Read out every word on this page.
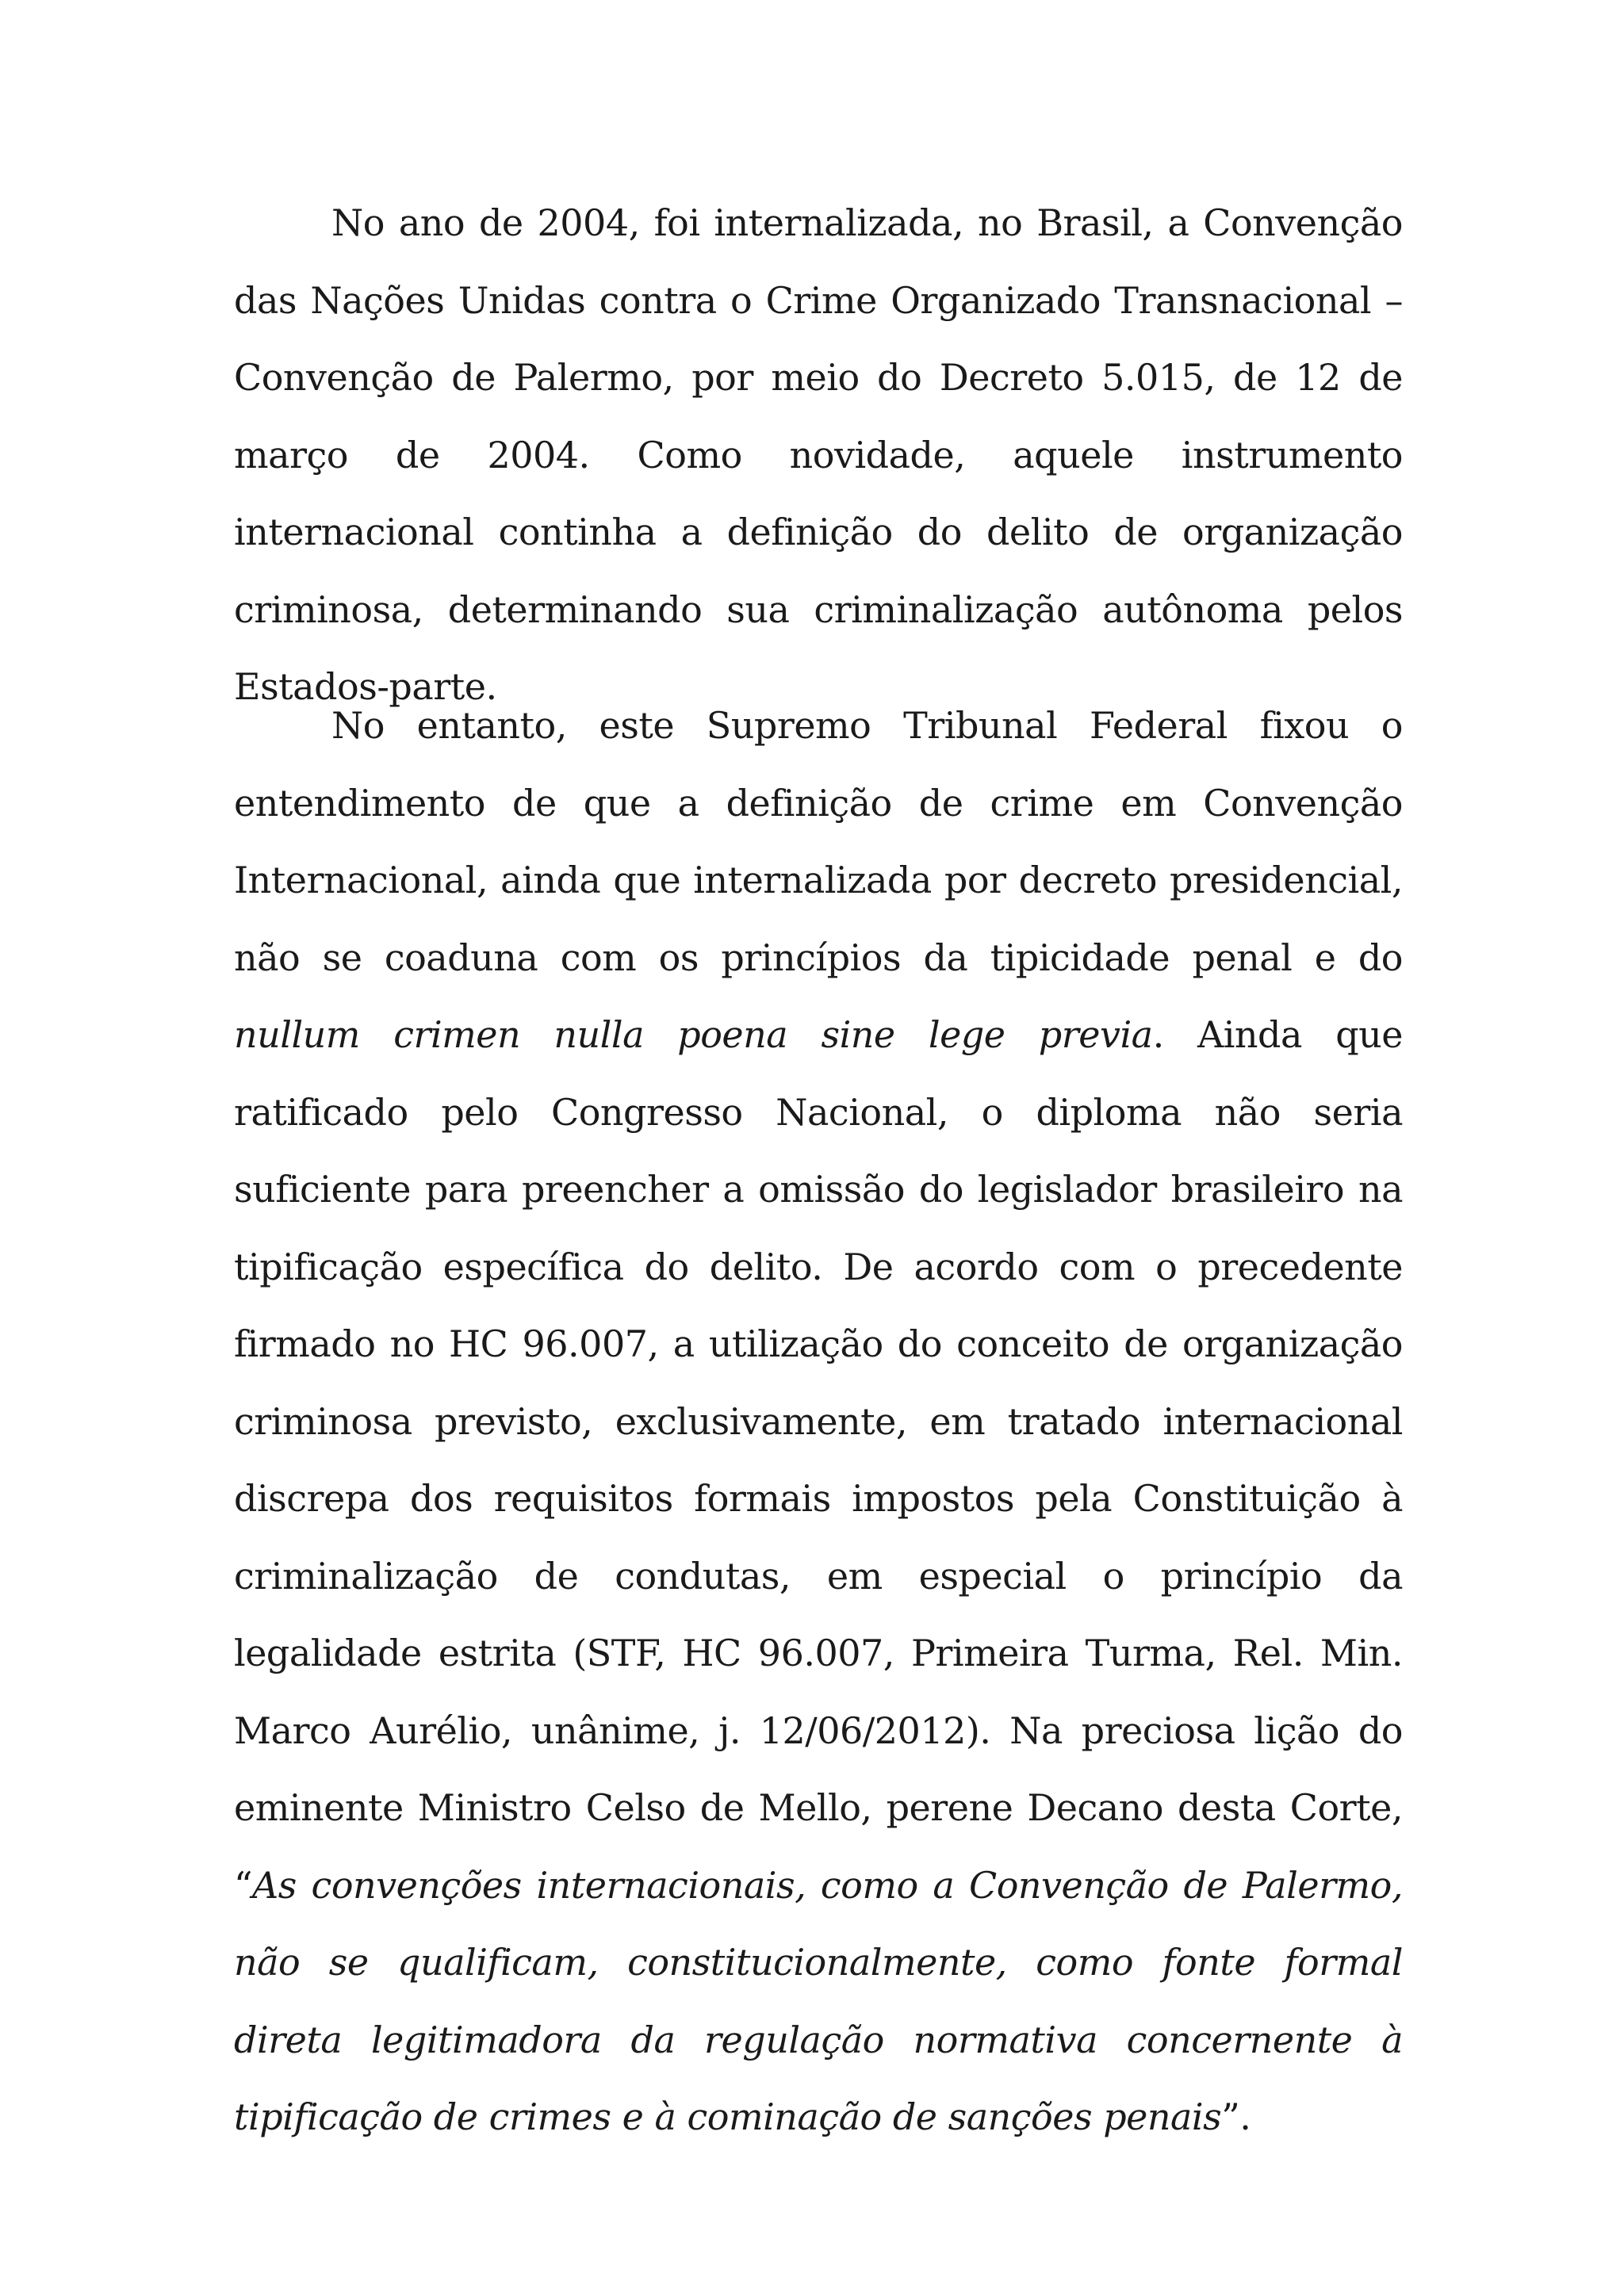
No ano de 2004, foi internalizada, no Brasil, a Convenção das Nações Unidas contra o Crime Organizado Transnacional – Convenção de Palermo, por meio do Decreto 5.015, de 12 de março de 2004. Como novidade, aquele instrumento internacional continha a definição do delito de organização criminosa, determinando sua criminalização autônoma pelos Estados-parte.

No entanto, este Supremo Tribunal Federal fixou o entendimento de que a definição de crime em Convenção Internacional, ainda que internalizada por decreto presidencial, não se coaduna com os princípios da tipicidade penal e do nullum crimen nulla poena sine lege previa. Ainda que ratificado pelo Congresso Nacional, o diploma não seria suficiente para preencher a omissão do legislador brasileiro na tipificação específica do delito. De acordo com o precedente firmado no HC 96.007, a utilização do conceito de organização criminosa previsto, exclusivamente, em tratado internacional discrepa dos requisitos formais impostos pela Constituição à criminalização de condutas, em especial o princípio da legalidade estrita (STF, HC 96.007, Primeira Turma, Rel. Min. Marco Aurélio, unânime, j. 12/06/2012). Na preciosa lição do eminente Ministro Celso de Mello, perene Decano desta Corte, “As convenções internacionais, como a Convenção de Palermo, não se qualificam, constitucionalmente, como fonte formal direta legitimadora da regulação normativa concernente à tipificação de crimes e à cominação de sanções penais”.
